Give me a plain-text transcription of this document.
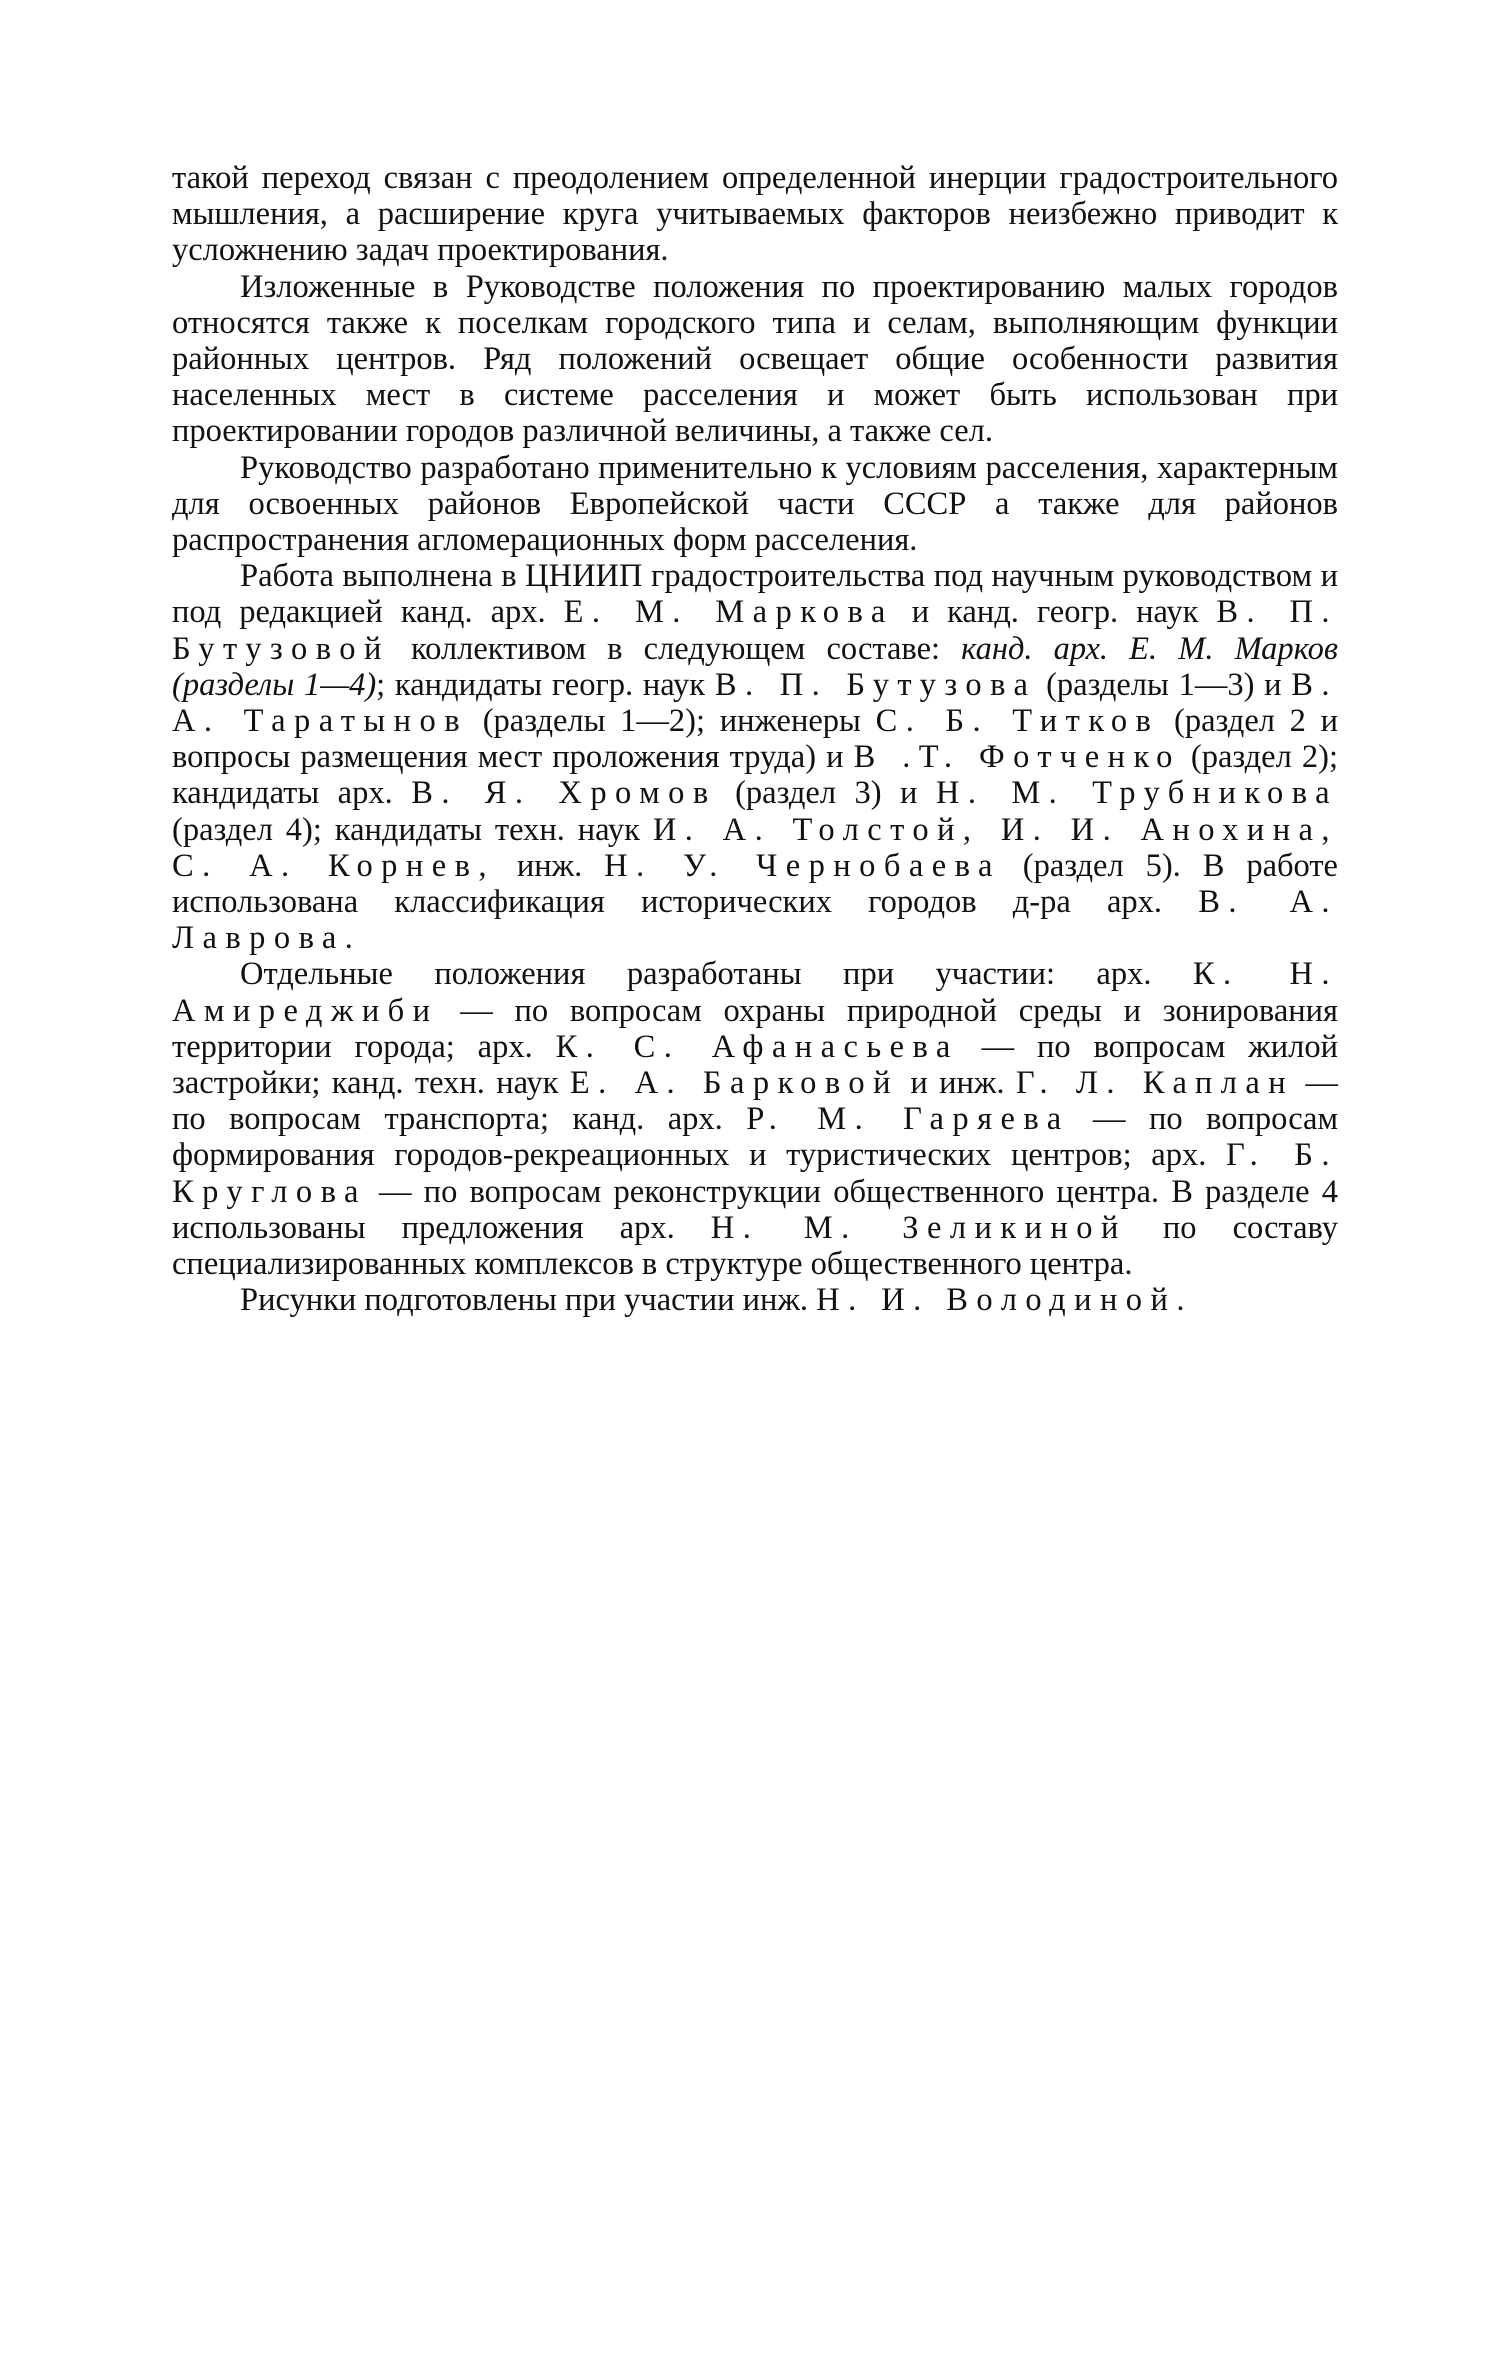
такой переход связан с преодолением определенной инерции градостроительного мышления, а расширение круга учитываемых факторов неизбежно приводит к усложнению задач проектирования.

Изложенные в Руководстве положения по проектированию малых городов относятся также к поселкам городского типа и селам, выполняющим функции районных центров. Ряд положений освещает общие особенности развития населенных мест в системе расселения и может быть использован при проектировании городов различной величины, а также сел.

Руководство разработано применительно к условиям расселения, характерным для освоенных районов Европейской части СССР а также для районов распространения агломерационных форм расселения.

Работа выполнена в ЦНИИП градостроительства под научным руководством и под редакцией канд. арх. Е. М. Маркова и канд. геогр. наук В. П. Бутузовой коллективом в следующем составе: канд. арх. Е. М. Марков (разделы 1—4); кандидаты геогр. наук В. П. Бутузова (разделы 1—3) и В. А. Таратынов (разделы 1—2); инженеры С. Б. Титков (раздел 2 и вопросы размещения мест проложения труда) и В .Т. Фотченко (раздел 2); кандидаты арх. В. Я. Хромов (раздел 3) и Н. М. Трубникова (раздел 4); кандидаты техн. наук И. А. Толстой, И. И. Анохина, С. А. Корнев, инж. Н. У. Чернобаева (раздел 5). В работе использована классификация исторических городов д-ра арх. В. А. Лаврова.

Отдельные положения разработаны при участии: арх. К. Н. Амиреджиби — по вопросам охраны природной среды и зонирования территории города; арх. К. С. Афанасьева — по вопросам жилой застройки; канд. техн. наук Е. А. Барковой и инж. Г. Л. Каплан — по вопросам транспорта; канд. арх. Р. М. Гаряева — по вопросам формирования городов-рекреационных и туристических центров; арх. Г. Б. Круглова — по вопросам реконструкции общественного центра. В разделе 4 использованы предложения арх. Н. М. Зеликиной по составу специализированных комплексов в структуре общественного центра.

Рисунки подготовлены при участии инж. Н. И. Володиной.
